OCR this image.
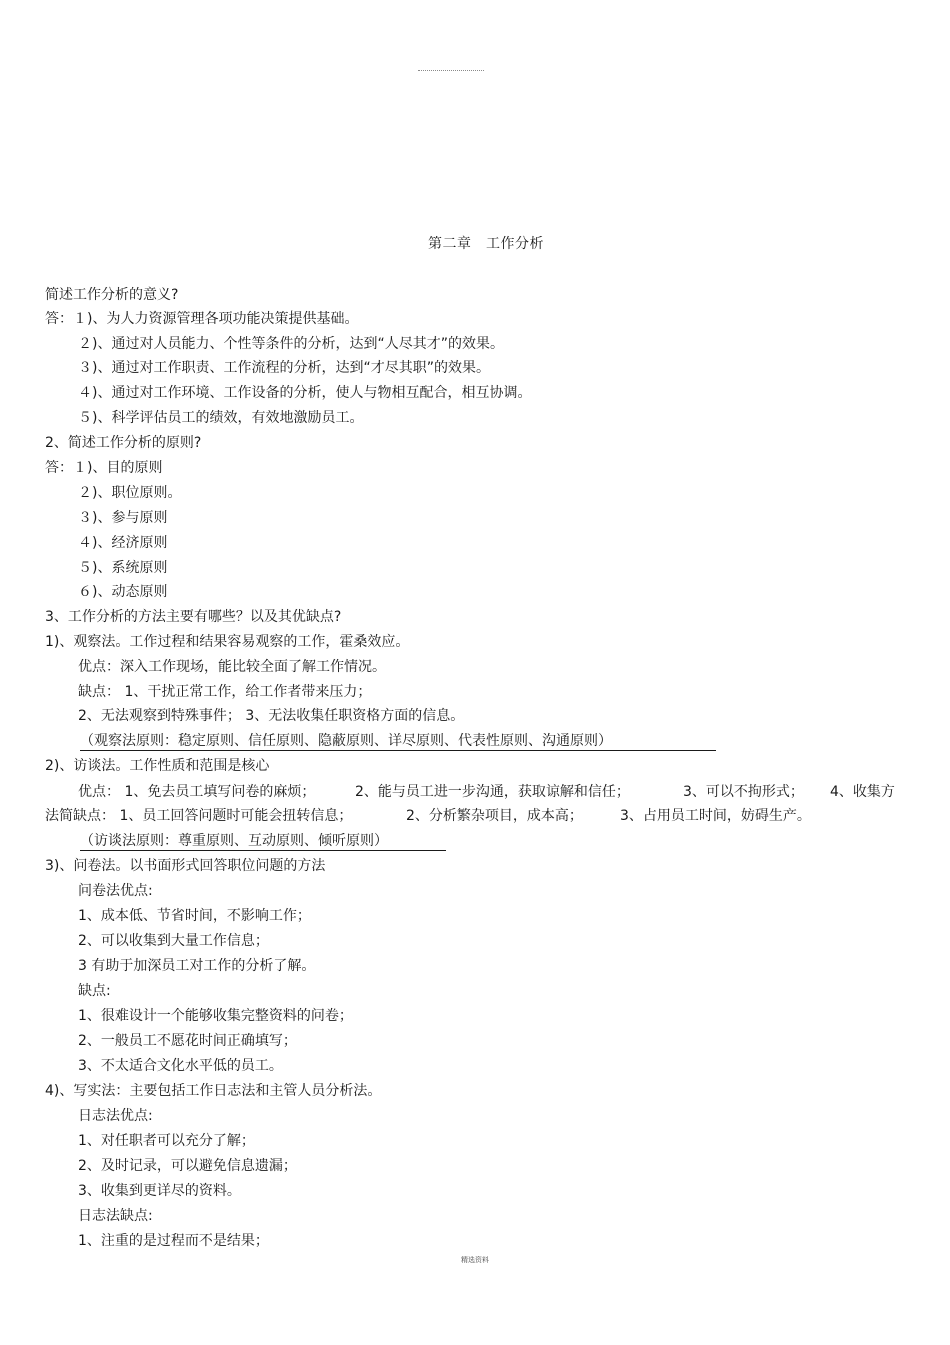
第二章　工作分析
简述工作分析的意义?
答：１)、为人力资源管理各项功能决策提供基础。
２)、通过对人员能力、个性等条件的分析，达到“人尽其才”的效果。
３)、通过对工作职责、工作流程的分析，达到“才尽其职”的效果。
４)、通过对工作环境、工作设备的分析，使人与物相互配合，相互协调。
５)、科学评估员工的绩效，有效地激励员工。
2、简述工作分析的原则?
答：１)、目的原则
２)、职位原则。
３)、参与原则
４)、经济原则
５)、系统原则
６)、动态原则
3、工作分析的方法主要有哪些？以及其优缺点?
1)、观察法。工作过程和结果容易观察的工作，霍桑效应。
优点：深入工作现场，能比较全面了解工作情况。
缺点： 1、干扰正常工作，给工作者带来压力；
2、无法观察到特殊事件； 3、无法收集任职资格方面的信息。
（观察法原则：稳定原则、信任原则、隐蔽原则、详尽原则、代表性原则、沟通原则）
2)、访谈法。工作性质和范围是核心
优点： 1、免去员工填写问卷的麻烦；	2、能与员工进一步沟通，获取谅解和信任；	3、可以不拘形式； 4、收集方
法简缺点： 1、员工回答问题时可能会扭转信息；	2、分析繁杂项目，成本高；	3、占用员工时间，妨碍生产。
（访谈法原则：尊重原则、互动原则、倾听原则）
3)、问卷法。以书面形式回答职位问题的方法
问卷法优点:
1、成本低、节省时间，不影响工作；
2、可以收集到大量工作信息；
3 有助于加深员工对工作的分析了解。
缺点:
1、很难设计一个能够收集完整资料的问卷；
2、一般员工不愿花时间正确填写；
3、不太适合文化水平低的员工。
4)、写实法：主要包括工作日志法和主管人员分析法。
日志法优点:
1、对任职者可以充分了解；
2、及时记录，可以避免信息遗漏；
3、收集到更详尽的资料。
日志法缺点:
1、注重的是过程而不是结果；
精选资料
